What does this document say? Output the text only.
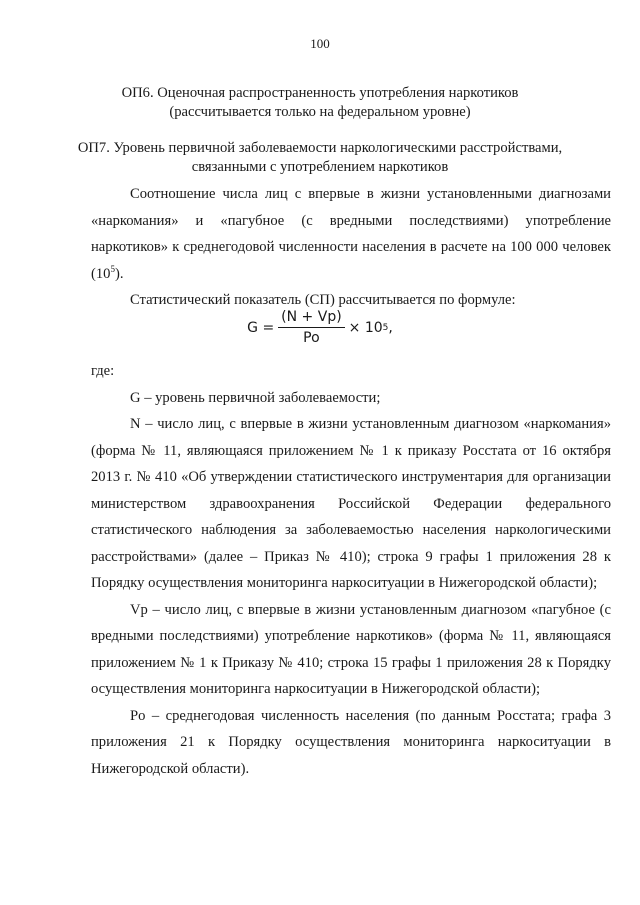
100
ОП6. Оценочная распространенность употребления наркотиков
(рассчитывается только на федеральном уровне)
ОП7. Уровень первичной заболеваемости наркологическими расстройствами,
связанными с употреблением наркотиков

Соотношение числа лиц с впервые в жизни установленными диагнозами «наркомания» и «пагубное (с вредными последствиями) употребление наркотиков» к среднегодовой численности населения в расчете на 100 000 человек $(10^5)$.

Статистический показатель (СП) рассчитывается по формуле:

$G = \frac{(N + Vp)}{Po} \times 10$ 5 ,

где:

G – уровень первичной заболеваемости;

N – число лиц, с впервые в жизни установленным диагнозом «наркомания» (форма № 11, являющаяся приложением № 1 к приказу Росстата от 16 октября 2013 г. № 410 «Об утверждении статистического инструментария для организации министерством здравоохранения Российской Федерации федерального статистического наблюдения за заболеваемостью населения наркологическими расстройствами» (далее – Приказ № 410); строка 9 графы 1 приложения 28 к Порядку осуществления мониторинга наркоситуации в Нижегородской области);

Vp – число лиц, с впервые в жизни установленным диагнозом «пагубное (с вредными последствиями) употребление наркотиков» (форма № 11, являющаяся приложением № 1 к Приказу № 410; строка 15 графы 1 приложения 28 к Порядку осуществления мониторинга наркоситуации в Нижегородской области);

Po – среднегодовая численность населения (по данным Росстата; графа 3 приложения 21 к Порядку осуществления мониторинга наркоситуации в Нижегородской области).
